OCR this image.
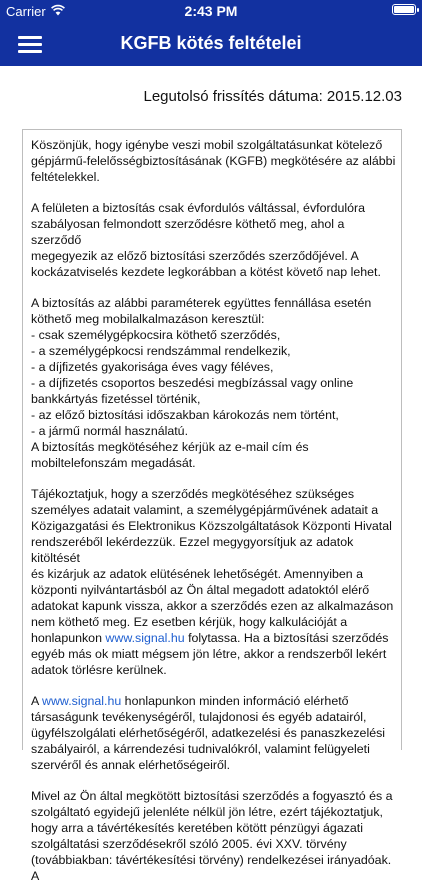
Carrier	2:43 PM
KGFB kötés feltételei
Legutolsó frissítés dátuma: 2015.12.03

Köszönjük, hogy igénybe veszi mobil szolgáltatásunkat kötelező
gépjármű-felelősségbiztosításának (KGFB) megkötésére az alábbi
feltételekkel.

A felületen a biztosítás csak évfordulós váltással, évfordulóra
szabályosan felmondott szerződésre köthető meg, ahol a szerződő
megegyezik az előző biztosítási szerződés szerződőjével. A
kockázatviselés kezdete legkorábban a kötést követő nap lehet.

A biztosítás az alábbi paraméterek együttes fennállása esetén
köthető meg mobilalkalmazáson keresztül:
- csak személygépkocsira köthető szerződés,
- a személygépkocsi rendszámmal rendelkezik,
- a díjfizetés gyakorisága éves vagy féléves,
- a díjfizetés csoportos beszedési megbízással vagy online
bankkártyás fizetéssel történik,
- az előző biztosítási időszakban károkozás nem történt,
- a jármű normál használatú.
A biztosítás megkötéséhez kérjük az e-mail cím és
mobiltelefonszám megadását.

Tájékoztatjuk, hogy a szerződés megkötéséhez szükséges
személyes adatait valamint, a személygépjárművének adatait a
Közigazgatási és Elektronikus Közszolgáltatások Központi Hivatal
rendszeréből lekérdezzük. Ezzel megygyorsítjuk az adatok kitöltését
és kizárjuk az adatok elütésének lehetőségét. Amennyiben a
központi nyilvántartásból az Ön által megadott adatoktól elérő
adatokat kapunk vissza, akkor a szerződés ezen az alkalmazáson
nem köthető meg. Ez esetben kérjük, hogy kalkulációját a
honlapunkon www.signal.hu folytassa. Ha a biztosítási szerződés
egyéb más ok miatt mégsem jön létre, akkor a rendszerből lekért
adatok törlésre kerülnek.

A www.signal.hu honlapunkon minden információ elérhető
társaságunk tevékenységéről, tulajdonosi és egyéb adatairól,
ügyfélszolgálati elérhetőségéről, adatkezelési és panaszkezelési
szabályairól, a kárrendezési tudnivalókról, valamint felügyeleti
szervéről és annak elérhetőségeiről.

Mivel az Ön által megkötött biztosítási szerződés a fogyasztó és a
szolgáltató egyidejű jelenléte nélkül jön létre, ezért tájékoztatjuk,
hogy arra a távértékesítés keretében kötött pénzügyi ágazati
szolgáltatási szerződésekről szóló 2005. évi XXV. törvény
(továbbiakban: távértékesítési törvény) rendelkezései irányadóak. A
